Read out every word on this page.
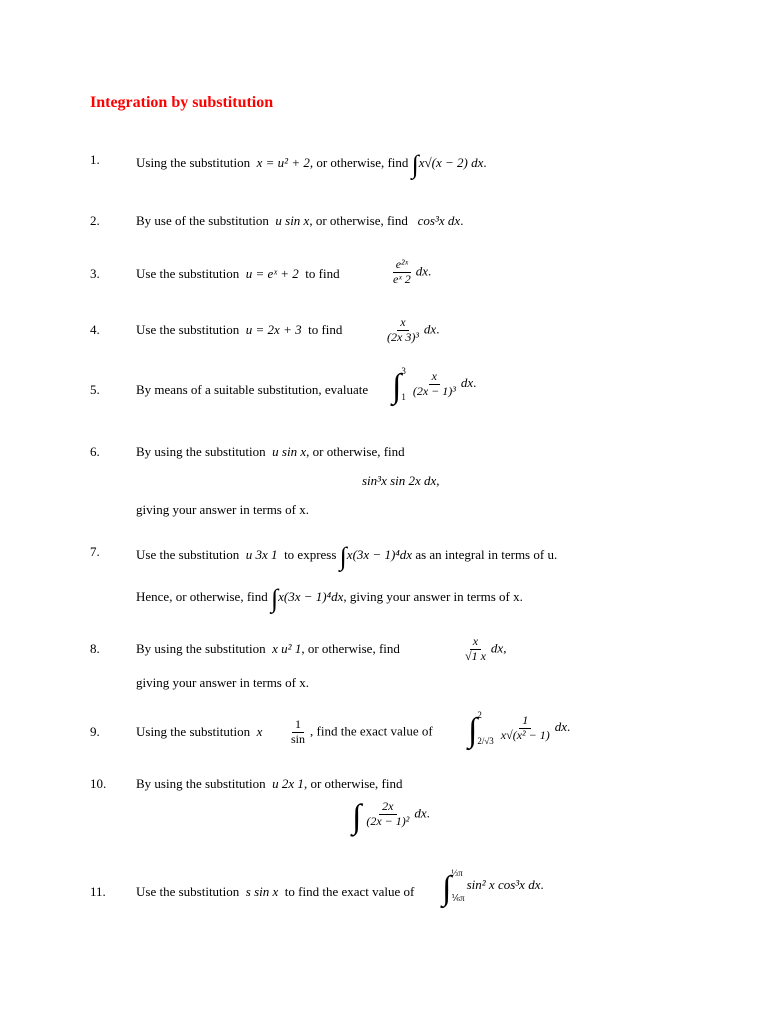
Integration by substitution
1.	Using the substitution x = u² + 2, or otherwise, find ∫x√(x − 2) dx.
2.	By use of the substitution u sin x, or otherwise, find cos³x dx.
3.	Use the substitution u = eˣ + 2 to find	$\frac{\text{e²ˣ}}{\text{eˣ 2}}$ dx.
4.	Use the substitution u = 2x + 3 to find	$\frac{x}{\text{(2x 3)³}}$ dx.
5.	By means of a suitable substitution, evaluate ∫ 3
$1 \frac{x}{\text{(2x − 1)³}}$ dx.
6.	By using the substitution u sin x, or otherwise, find
sin³x sin 2x dx,
giving your answer in terms of x.
7.	Use the substitution u 3x 1 to express ∫x(3x − 1)⁴dx as an integral in terms of u.
Hence, or otherwise, find ∫x(3x − 1)⁴dx, giving your answer in terms of x.
8.	By using the substitution x u² 1, or otherwise, find	$\frac{x}{√1 x}$ dx,
giving your answer in terms of x.
9.	Using the substitution x $\frac{1}{\sin}$ , find the exact value of ∫ 2
$2/√3 \frac{1}{\text{x√(x² − 1)}}$ dx.
10. By using the substitution u 2x 1, or otherwise, find
∫ $\frac{2x}{\text{(2x − 1)²}}$ dx.
11. Use the substitution s sin x to find the exact value of ∫ ⅓π
⅙π
sin² x cos³x dx.
